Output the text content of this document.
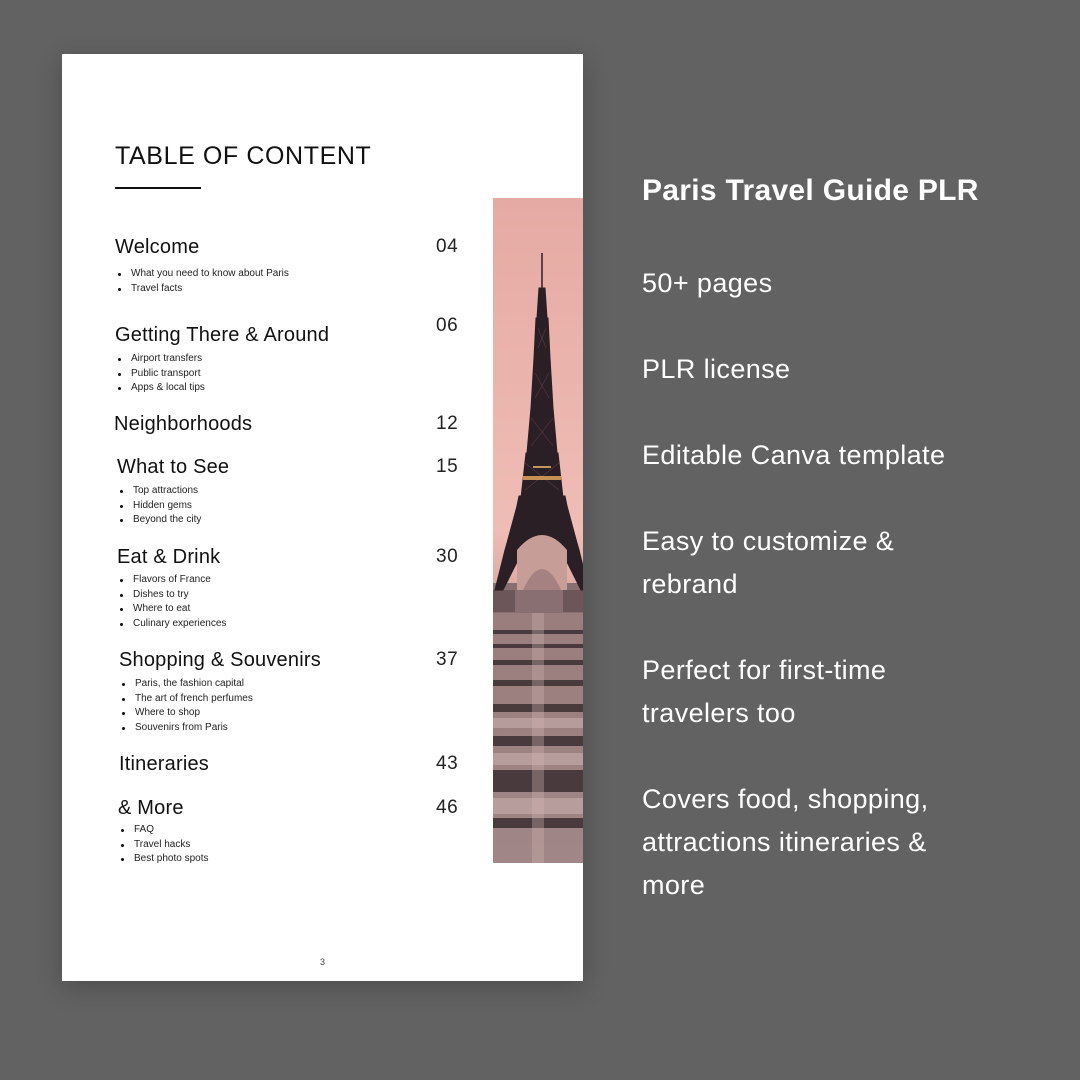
TABLE OF CONTENT
Welcome	04
What you need to know about Paris
Travel facts
Getting There & Around	06
Airport transfers
Public transport
Apps & local tips
Neighborhoods	12
What to See	15
Top attractions
Hidden gems
Beyond the city
Eat & Drink	30
Flavors of France
Dishes to try
Where to eat
Culinary experiences
Shopping & Souvenirs	37
Paris, the fashion capital
The art of french perfumes
Where to shop
Souvenirs from Paris
Itineraries	43
& More	46
FAQ
Travel hacks
Best photo spots
3
Paris Travel Guide PLR
50+ pages
PLR license
Editable Canva template
Easy to customize & rebrand
Perfect for first-time travelers too
Covers food, shopping, attractions itineraries & more
